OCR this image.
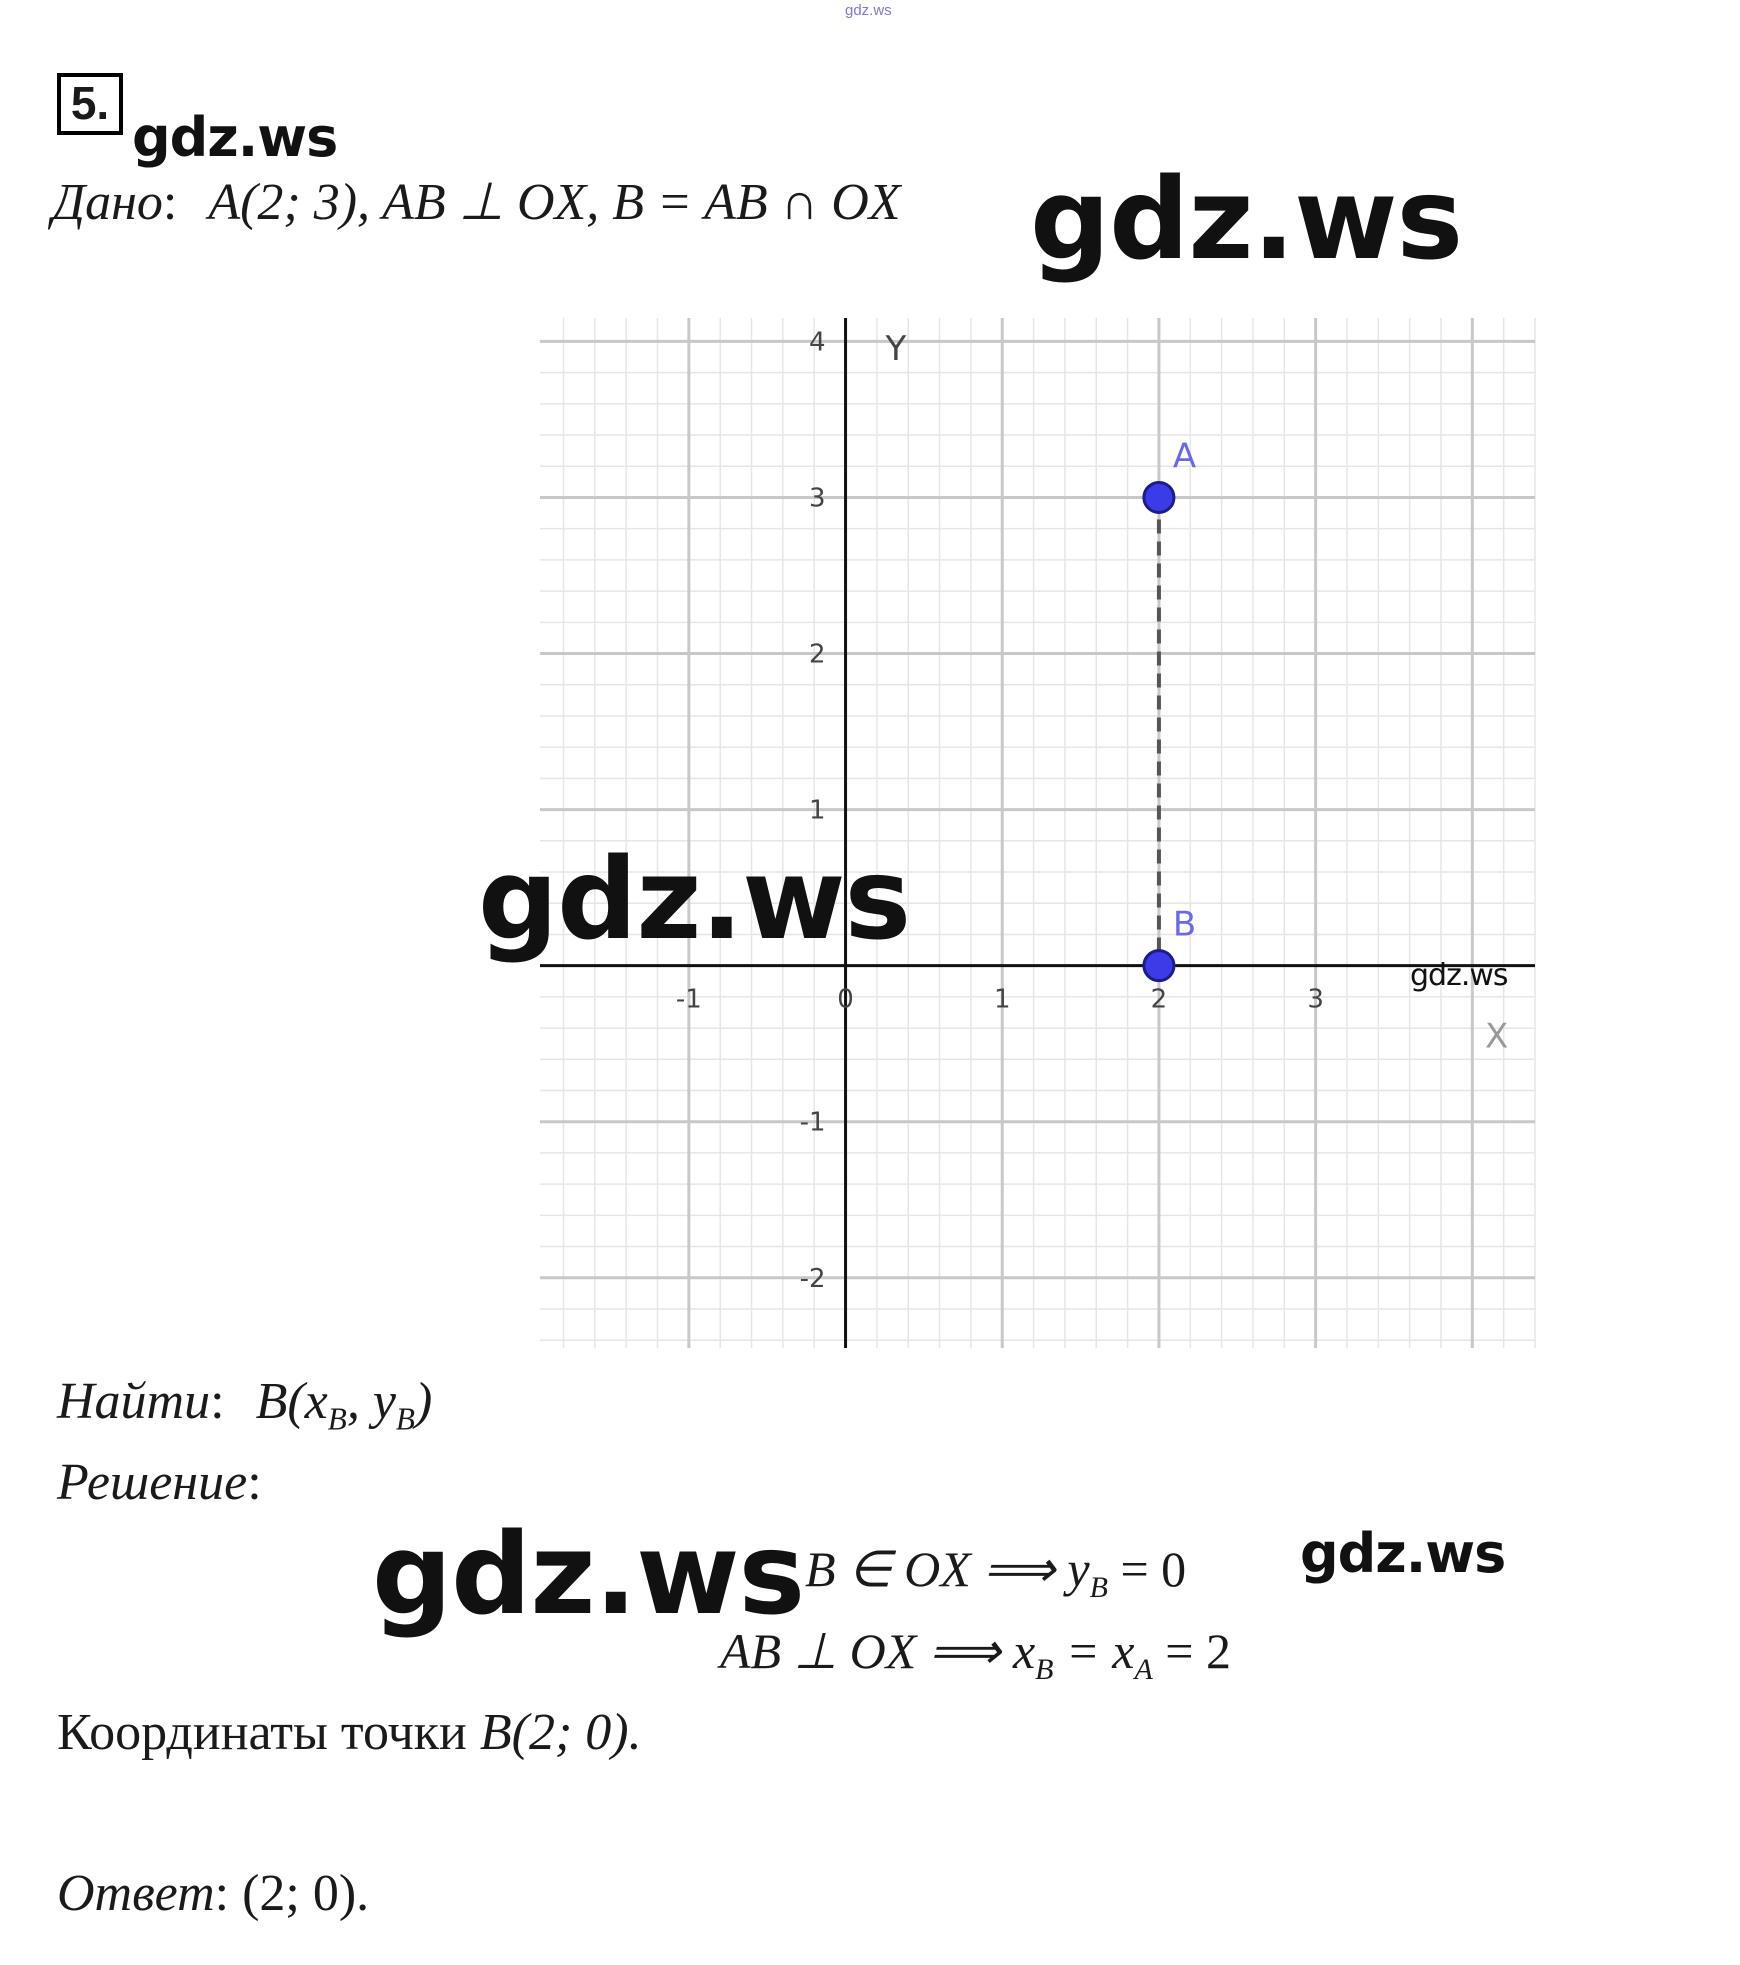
gdz.ws
5.
gdz.ws
Дано: A(2; 3), AB ⊥ OX, B = AB ∩ OX gdz.ws
-1	0	1	2	3
-2
-1
1
2
3
4 Y
X
A
B
gdz.ws
gdz.ws
Найти: $B(x_B$, $y_B$)
Решение:
gdz.ws B ∈ OX ⟹ $y_B = 0$ gdz.ws
AB ⊥ OX ⟹ $x_B = x_A = 2$
Координаты точки B(2; 0).
Ответ: (2; 0).
